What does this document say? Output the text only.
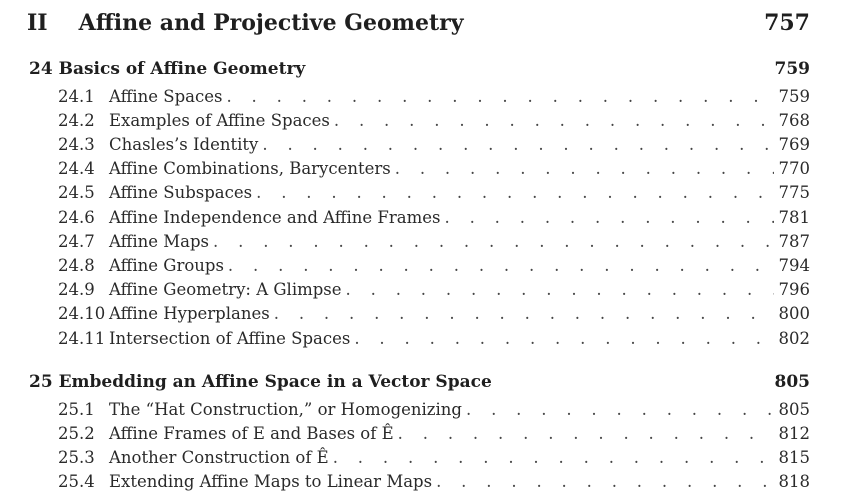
II Affine and Projective Geometry	757
24 Basics of Affine Geometry	759
24.1 Affine Spaces . . .	759
24.2 Examples of Affine Spaces . . .	768
24.3 Chasles’s Identity . . .	769
24.4 Affine Combinations, Barycenters . . .	770
24.5 Affine Subspaces . . .	775
24.6 Affine Independence and Affine Frames . . .	781
24.7 Affine Maps . . .	787
24.8 Affine Groups . . .	794
24.9 Affine Geometry: A Glimpse . . .	796
24.10 Affine Hyperplanes . . .	800
24.11 Intersection of Affine Spaces . . .	802
25 Embedding an Affine Space in a Vector Space	805
25.1 The “Hat Construction,” or Homogenizing . . .	805
25.2 Affine Frames of E and Bases of Ê . . .	812
25.3 Another Construction of Ê . . .	815
25.4 Extending Affine Maps to Linear Maps . . .	818
